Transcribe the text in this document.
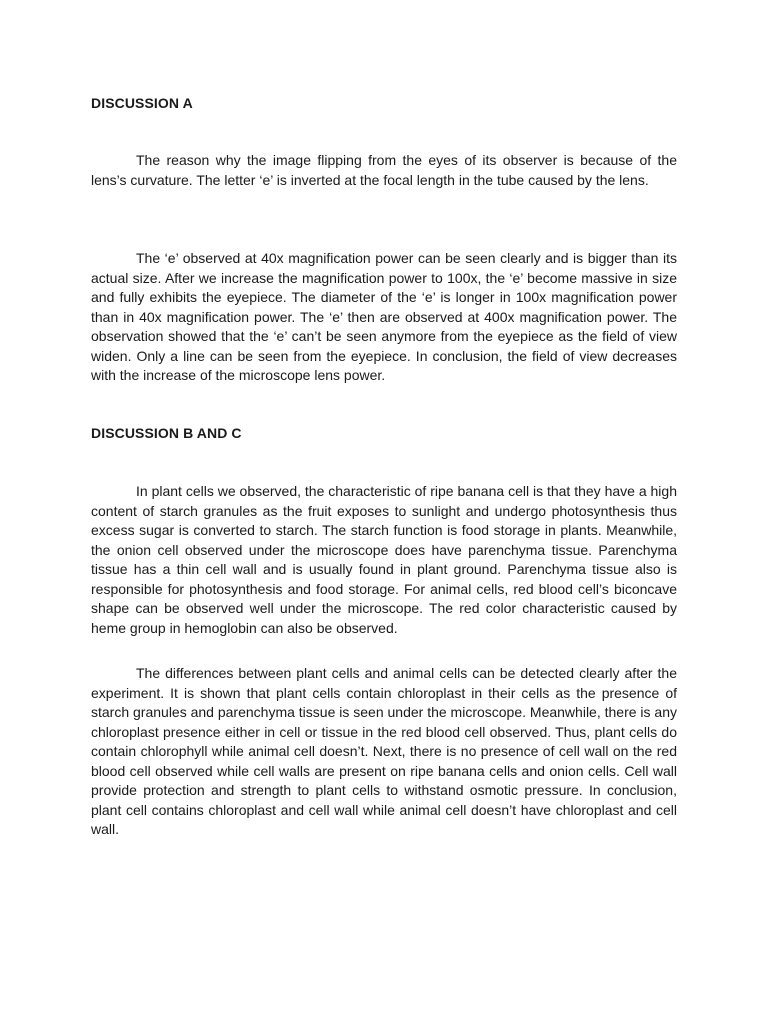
DISCUSSION A

The reason why the image flipping from the eyes of its observer is because of the lens’s curvature. The letter ‘e’ is inverted at the focal length in the tube caused by the lens.

The ‘e’ observed at 40x magnification power can be seen clearly and is bigger than its actual size. After we increase the magnification power to 100x, the ‘e’ become massive in size and fully exhibits the eyepiece. The diameter of the ‘e’ is longer in 100x magnification power than in 40x magnification power. The ‘e’ then are observed at 400x magnification power. The observation showed that the ‘e’ can’t be seen anymore from the eyepiece as the field of view widen. Only a line can be seen from the eyepiece. In conclusion, the field of view decreases with the increase of the microscope lens power.

DISCUSSION B AND C

In plant cells we observed, the characteristic of ripe banana cell is that they have a high content of starch granules as the fruit exposes to sunlight and undergo photosynthesis thus excess sugar is converted to starch. The starch function is food storage in plants. Meanwhile, the onion cell observed under the microscope does have parenchyma tissue. Parenchyma tissue has a thin cell wall and is usually found in plant ground. Parenchyma tissue also is responsible for photosynthesis and food storage. For animal cells, red blood cell’s biconcave shape can be observed well under the microscope. The red color characteristic caused by heme group in hemoglobin can also be observed.

The differences between plant cells and animal cells can be detected clearly after the experiment. It is shown that plant cells contain chloroplast in their cells as the presence of starch granules and parenchyma tissue is seen under the microscope. Meanwhile, there is any chloroplast presence either in cell or tissue in the red blood cell observed. Thus, plant cells do contain chlorophyll while animal cell doesn’t. Next, there is no presence of cell wall on the red blood cell observed while cell walls are present on ripe banana cells and onion cells. Cell wall provide protection and strength to plant cells to withstand osmotic pressure. In conclusion, plant cell contains chloroplast and cell wall while animal cell doesn’t have chloroplast and cell wall.
